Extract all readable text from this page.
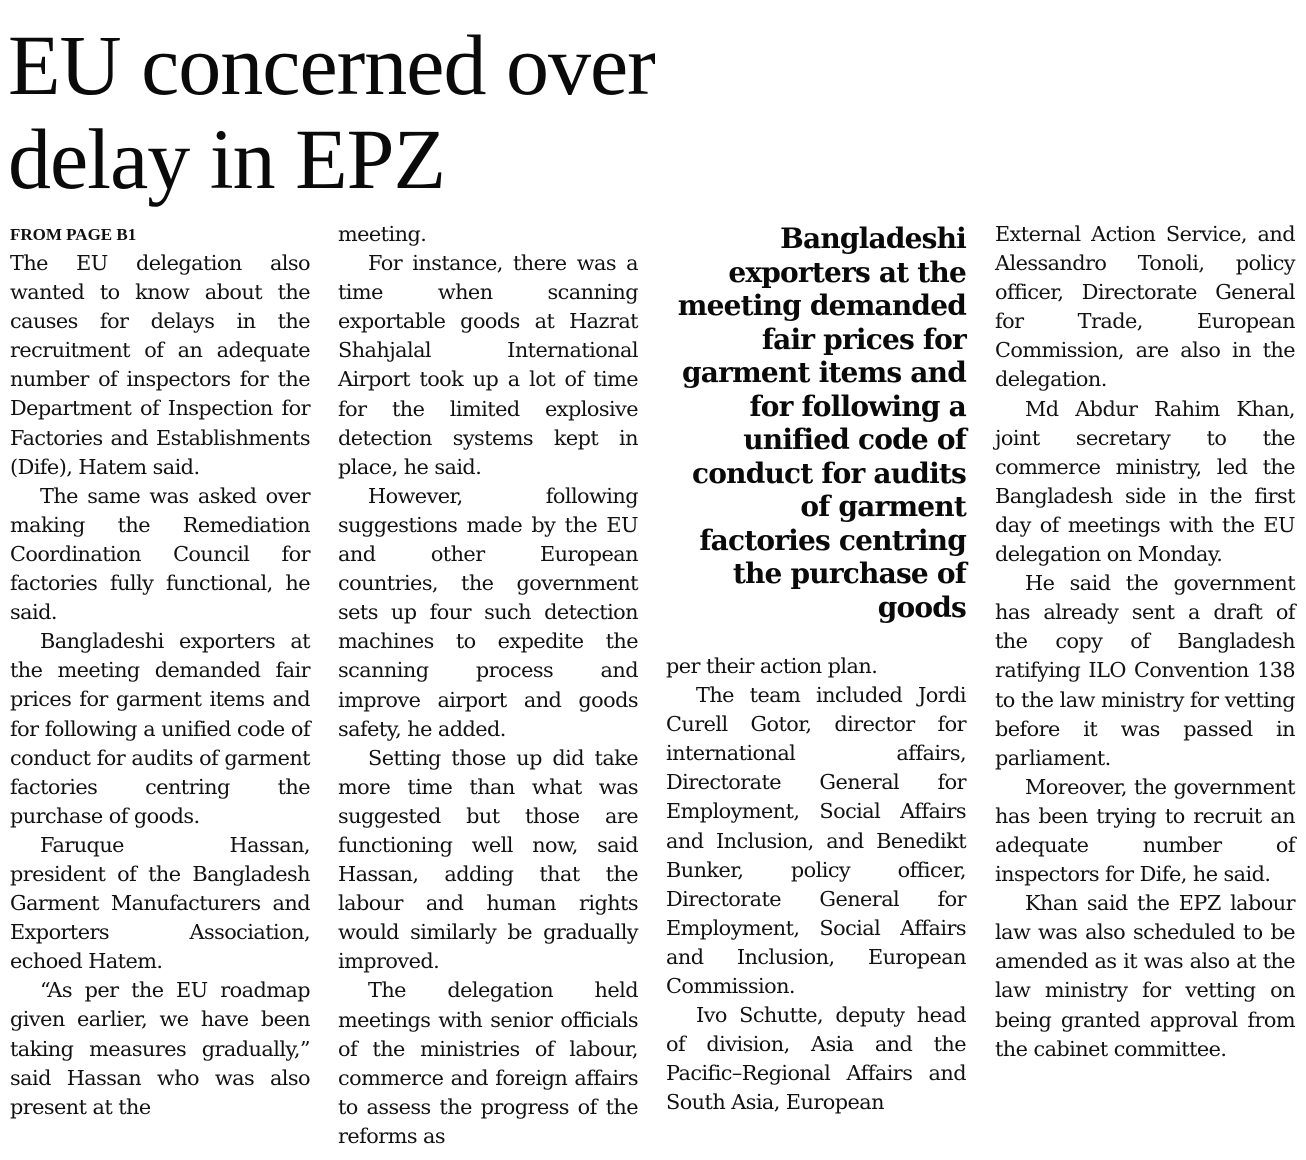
EU concerned over
delay in EPZ
FROM PAGE B1

The EU delegation also wanted to know about the causes for delays in the recruitment of an adequate number of inspectors for the Department of Inspection for Factories and Establishments (Dife), Hatem said.

The same was asked over making the Remediation Coordination Council for factories fully functional, he said.

Bangladeshi exporters at the meeting demanded fair prices for garment items and for following a unified code of conduct for audits of garment factories centring the purchase of goods.

Faruque Hassan, president of the Bangladesh Garment Manufacturers and Exporters Association, echoed Hatem.

“As per the EU roadmap given earlier, we have been taking measures gradually,” said Hassan who was also present at the

meeting.

For instance, there was a time when scanning exportable goods at Hazrat Shahjalal International Airport took up a lot of time for the limited explosive detection systems kept in place, he said.

However, following suggestions made by the EU and other European countries, the government sets up four such detection machines to expedite the scanning process and improve airport and goods safety, he added.

Setting those up did take more time than what was suggested but those are functioning well now, said Hassan, adding that the labour and human rights would similarly be gradually improved.

The delegation held meetings with senior officials of the ministries of labour, commerce and foreign affairs to assess the progress of the reforms as

Bangladeshi exporters at the meeting demanded fair prices for garment items and for following a unified code of conduct for audits of garment factories centring the purchase of goods

per their action plan.

The team included Jordi Curell Gotor, director for international affairs, Directorate General for Employment, Social Affairs and Inclusion, and Benedikt Bunker, policy officer, Directorate General for Employment, Social Affairs and Inclusion, European Commission.

Ivo Schutte, deputy head of division, Asia and the Pacific–Regional Affairs and South Asia, European

External Action Service, and Alessandro Tonoli, policy officer, Directorate General for Trade, European Commission, are also in the delegation.

Md Abdur Rahim Khan, joint secretary to the commerce ministry, led the Bangladesh side in the first day of meetings with the EU delegation on Monday.

He said the government has already sent a draft of the copy of Bangladesh ratifying ILO Convention 138 to the law ministry for vetting before it was passed in parliament.

Moreover, the government has been trying to recruit an adequate number of inspectors for Dife, he said.

Khan said the EPZ labour law was also scheduled to be amended as it was also at the law ministry for vetting on being granted approval from the cabinet committee.
